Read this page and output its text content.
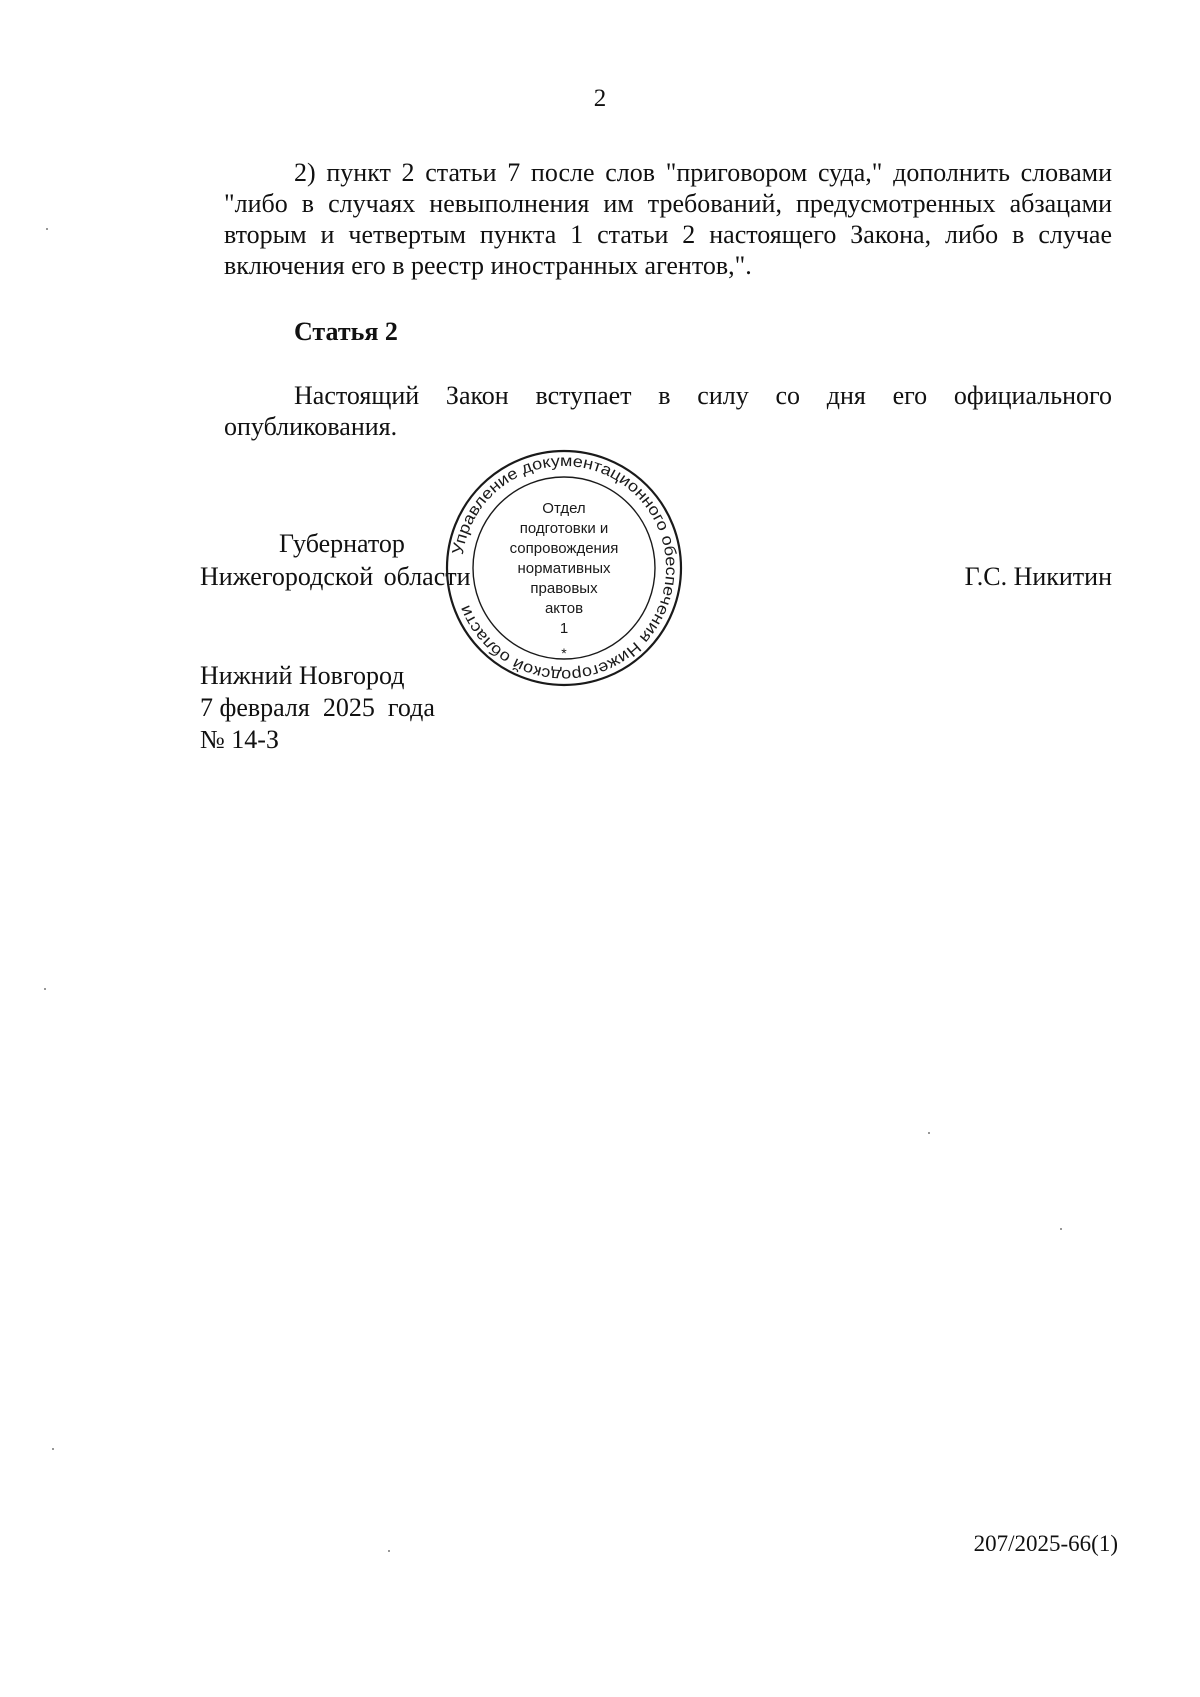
2

2) пункт 2 статьи 7 после слов "приговором суда," дополнить словами "либо в случаях невыполнения им требований, предусмотренных абзацами вторым и четвертым пункта 1 статьи 2 настоящего Закона, либо в случае включения его в реестр иностранных агентов,".

Статья 2

Настоящий Закон вступает в силу со дня его официального опубликования.

Губернатор
Нижегородской области	Г.С. Никитин
Управление документационного обеспечения Нижегородской области
Отдел
подготовки и
сопровождения
нормативных
правовых
актов
1
*
Нижний Новгород
7 февраля  2025  года
№ 14-З
207/2025-66(1)
